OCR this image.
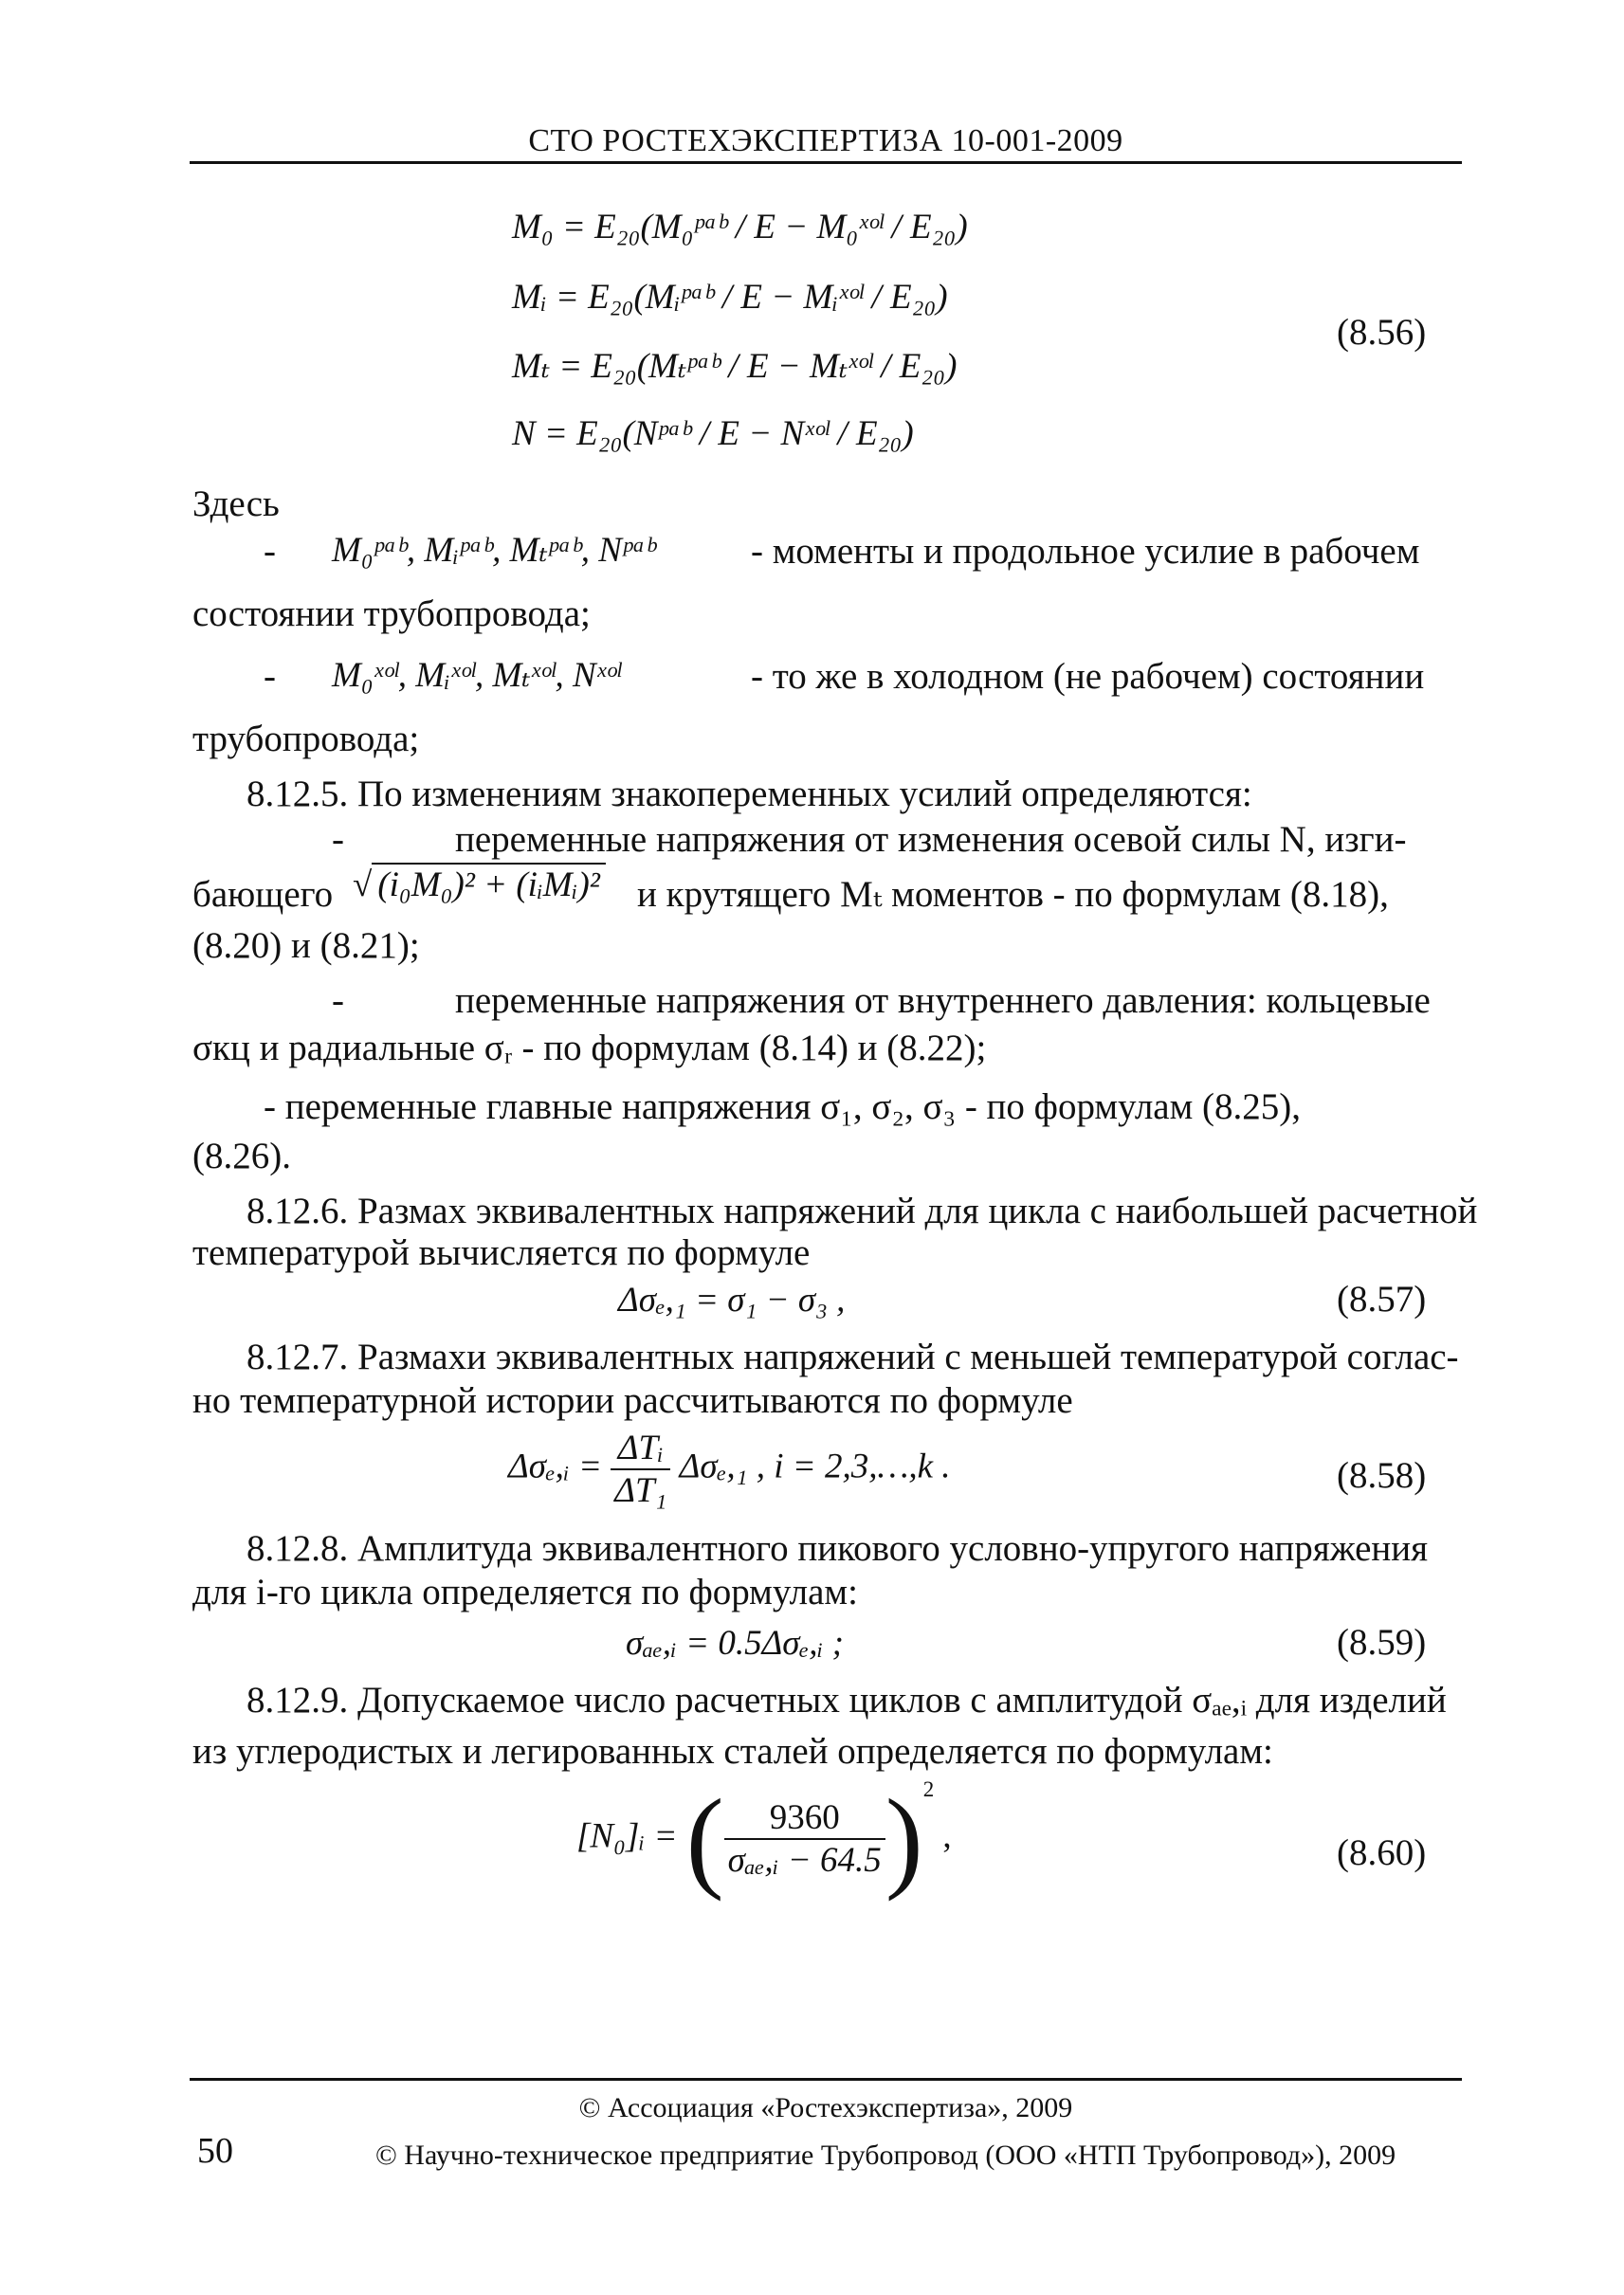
СТО РОСТЕХЭКСПЕРТИЗА 10-001-2009
M₀ = E₂₀(M₀ᵖᵃᵇ / E − M₀ˣᵒˡ / E₂₀)
Mᵢ = E₂₀(Mᵢᵖᵃᵇ / E − Mᵢˣᵒˡ / E₂₀)
Mₜ = E₂₀(Mₜᵖᵃᵇ / E − Mₜˣᵒˡ / E₂₀)
N = E₂₀(Nᵖᵃᵇ / E − Nˣᵒˡ / E₂₀)
(8.56)
Здесь
- M₀ᵖᵃᵇ, Mᵢᵖᵃᵇ, Mₜᵖᵃᵇ, Nᵖᵃᵇ	- моменты и продольное усилие в рабочем
состоянии трубопровода;
- M₀ˣᵒˡ, Mᵢˣᵒˡ, Mₜˣᵒˡ, Nˣᵒˡ	- то же в холодном (не рабочем) состоянии
трубопровода;
8.12.5. По изменениям знакопеременных усилий определяются:
-	переменные напряжения от изменения осевой силы N, изги-
бающего √ (i₀M₀)² + (iᵢMᵢ)² и крутящего Mₜ моментов - по формулам (8.18),
(8.20) и (8.21);
-	переменные напряжения от внутреннего давления: кольцевые
σкц и радиальные σᵣ - по формулам (8.14) и (8.22);
- переменные главные напряжения σ₁, σ₂, σ₃ - по формулам (8.25),
(8.26).
8.12.6. Размах эквивалентных напряжений для цикла с наибольшей расчетной
температурой вычисляется по формуле
Δσₑ,₁ = σ₁ − σ₃ ,	(8.57)
8.12.7. Размахи эквивалентных напряжений с меньшей температурой соглас-
но температурной истории рассчитываются по формуле
Δσₑ,ᵢ = $\frac{\text{ΔTᵢ}}{\text{ΔT₁}} \Delta\sigma_e,_1$ , i = 2,3,…,k .	(8.58)
8.12.8. Амплитуда эквивалентного пикового условно-упругого напряжения
для i-го цикла определяется по формулам:
σₐₑ,ᵢ = 0.5Δσₑ,ᵢ ;	(8.59)
8.12.9. Допускаемое число расчетных циклов с амплитудой σₐₑ,ᵢ для изделий
из углеродистых и легированных сталей определяется по формулам:
[N₀]ᵢ = ( $\frac{9360}{\text{σₐₑ,ᵢ − 64.5}} )^2$ ,	(8.60)
© Ассоциация «Ростехэкспертиза», 2009
50	© Научно-техническое предприятие Трубопровод (ООО «НТП Трубопровод»), 2009
